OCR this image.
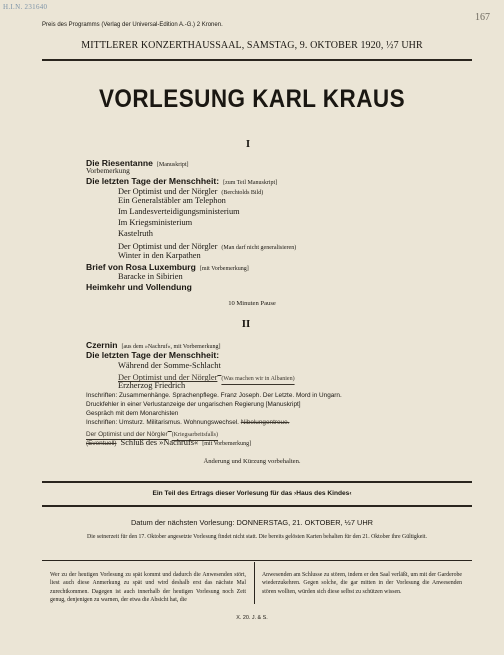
H.I.N. 231640
167
Preis des Programms (Verlag der Universal-Edition A.-G.) 2 Kronen.
MITTLERER KONZERTHAUSSAAL, SAMSTAG, 9. OKTOBER 1920, ½7 UHR
VORLESUNG KARL KRAUS
I
Die Riesentanne [Manuskript]
Vorbemerkung
Die letzten Tage der Menschheit: [zum Teil Manuskript]
Der Optimist und der Nörgler (Berchtolds Bild)
Ein Generalstäbler am Telephon
Im Landesverteidigungsministerium
Im Kriegsministerium
Kastelruth
Der Optimist und der Nörgler (Man darf nicht generalisieren)
Winter in den Karpathen
Brief von Rosa Luxemburg [mit Vorbemerkung]
Baracke in Sibirien
Heimkehr und Vollendung
10 Minuten Pause
II
Czernin [aus dem »Nachruf«, mit Vorbemerkung]
Die letzten Tage der Menschheit:
Während der Somme-Schlacht
Der Optimist und der Nörgler (Was machen wir in Albanien)
Erzherzog Friedrich
Inschriften: Zusammenhänge. Sprachenpflege. Franz Joseph. Der Letzte. Mord in Ungarn.
Druckfehler in einer Verlustanzeige der ungarischen Regierung [Manuskript]
Gespräch mit dem Monarchisten
Inschriften: Umsturz. Militarismus. Wohnungswechsel. Nibelungentreue.
Der Optimist und der Nörgler (Kriegsarbeitsfalls)
(Eventuell) Schluß des »Nachrufs« [mit Vorbemerkung]
Änderung und Kürzung vorbehalten.
Ein Teil des Ertrags dieser Vorlesung für das ›Haus des Kindes‹
Datum der nächsten Vorlesung: DONNERSTAG, 21. OKTOBER, ½7 UHR
Die seinerzeit für den 17. Oktober angesetzte Vorlesung findet nicht statt. Die bereits gelösten Karten behalten für den 21. Oktober ihre Gültigkeit.
Wer zu der heutigen Vorlesung zu spät kommt und dadurch die Anwesenden stört, liest auch diese Anmerkung zu spät und wird deshalb erst das nächste Mal zurechtkommen. Dagegen ist auch innerhalb der heutigen Vorlesung noch Zeit genug, denjenigen zu warnen, der etwa die Absicht hat, die
Anwesenden am Schlusse zu stören, indem er den Saal verläßt, um mit der Garderobe wiederzukehren. Gegen solche, die gar mitten in der Vorlesung die Anwesenden stören wollten, würden sich diese selbst zu schützen wissen.
X. 20. J. & S.
